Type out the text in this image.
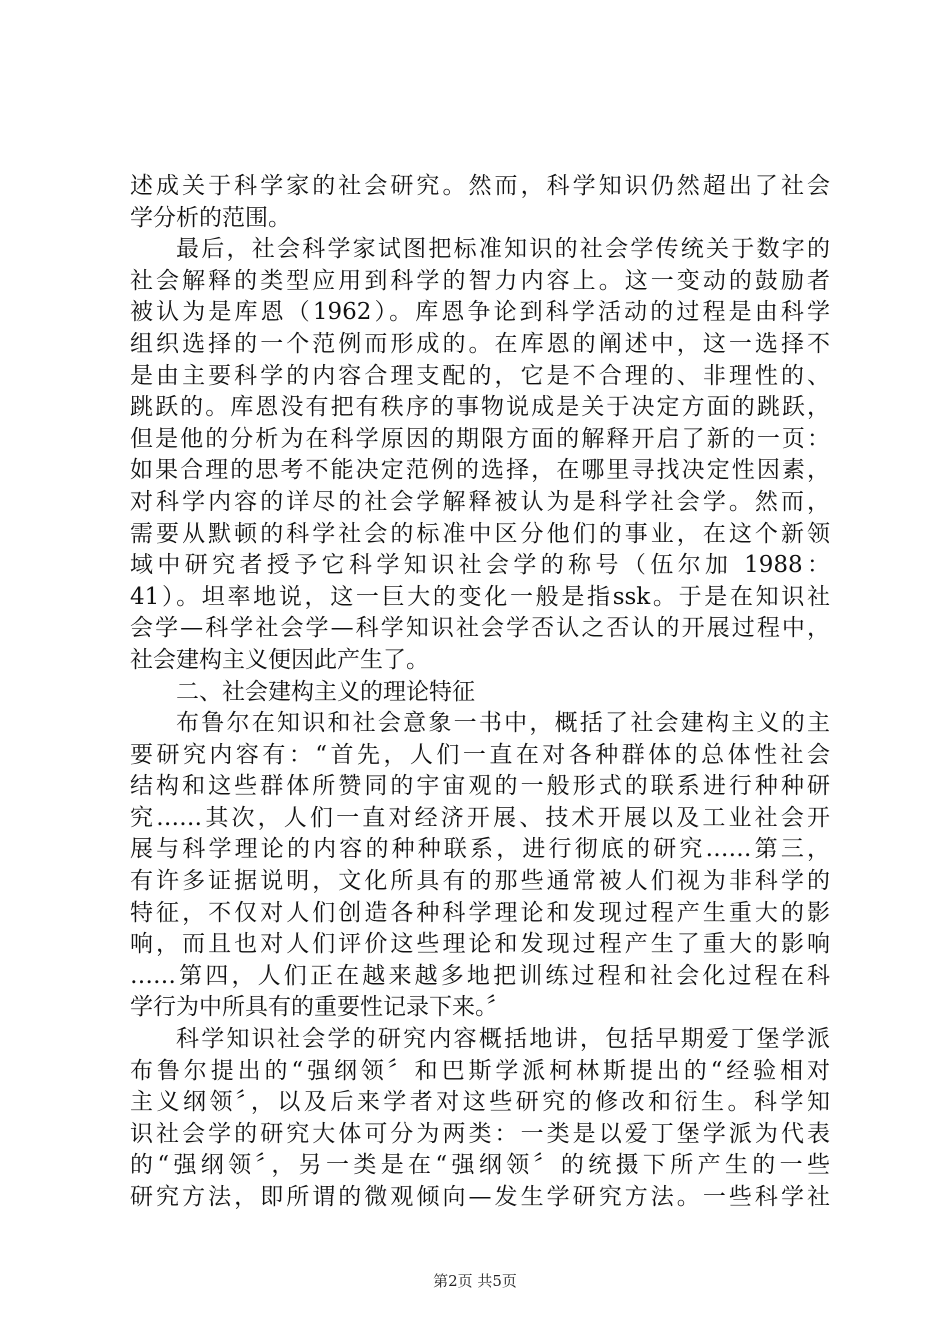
述成关于科学家的社会研究。然而，科学知识仍然超出了社会
学分析的范围。
最后，社会科学家试图把标准知识的社会学传统关于数字的
社会解释的类型应用到科学的智力内容上。这一变动的鼓励者
被认为是库恩（1962）。库恩争论到科学活动的过程是由科学
组织选择的一个范例而形成的。在库恩的阐述中，这一选择不
是由主要科学的内容合理支配的，它是不合理的、非理性的、
跳跃的。库恩没有把有秩序的事物说成是关于决定方面的跳跃，
但是他的分析为在科学原因的期限方面的解释开启了新的一页：
如果合理的思考不能决定范例的选择，在哪里寻找决定性因素，
对科学内容的详尽的社会学解释被认为是科学社会学。然而，
需要从默顿的科学社会的标准中区分他们的事业，在这个新领
域中研究者授予它科学知识社会学的称号（伍尔加 1988：
41）。坦率地说，这一巨大的变化一般是指ssk。于是在知识社
会学—科学社会学—科学知识社会学否认之否认的开展过程中，
社会建构主义便因此产生了。
二、社会建构主义的理论特征
布鲁尔在知识和社会意象一书中，概括了社会建构主义的主
要研究内容有：“首先，人们一直在对各种群体的总体性社会
结构和这些群体所赞同的宇宙观的一般形式的联系进行种种研
究……其次，人们一直对经济开展、技术开展以及工业社会开
展与科学理论的内容的种种联系，进行彻底的研究……第三，
有许多证据说明，文化所具有的那些通常被人们视为非科学的
特征，不仅对人们创造各种科学理论和发现过程产生重大的影
响，而且也对人们评价这些理论和发现过程产生了重大的影响
……第四，人们正在越来越多地把训练过程和社会化过程在科
学行为中所具有的重要性记录下来。〞
科学知识社会学的研究内容概括地讲，包括早期爱丁堡学派
布鲁尔提出的“强纲领〞和巴斯学派柯林斯提出的“经验相对
主义纲领〞，以及后来学者对这些研究的修改和衍生。科学知
识社会学的研究大体可分为两类：一类是以爱丁堡学派为代表
的“强纲领〞，另一类是在“强纲领〞的统摄下所产生的一些
研究方法，即所谓的微观倾向—发生学研究方法。一些科学社
第2页 共5页
